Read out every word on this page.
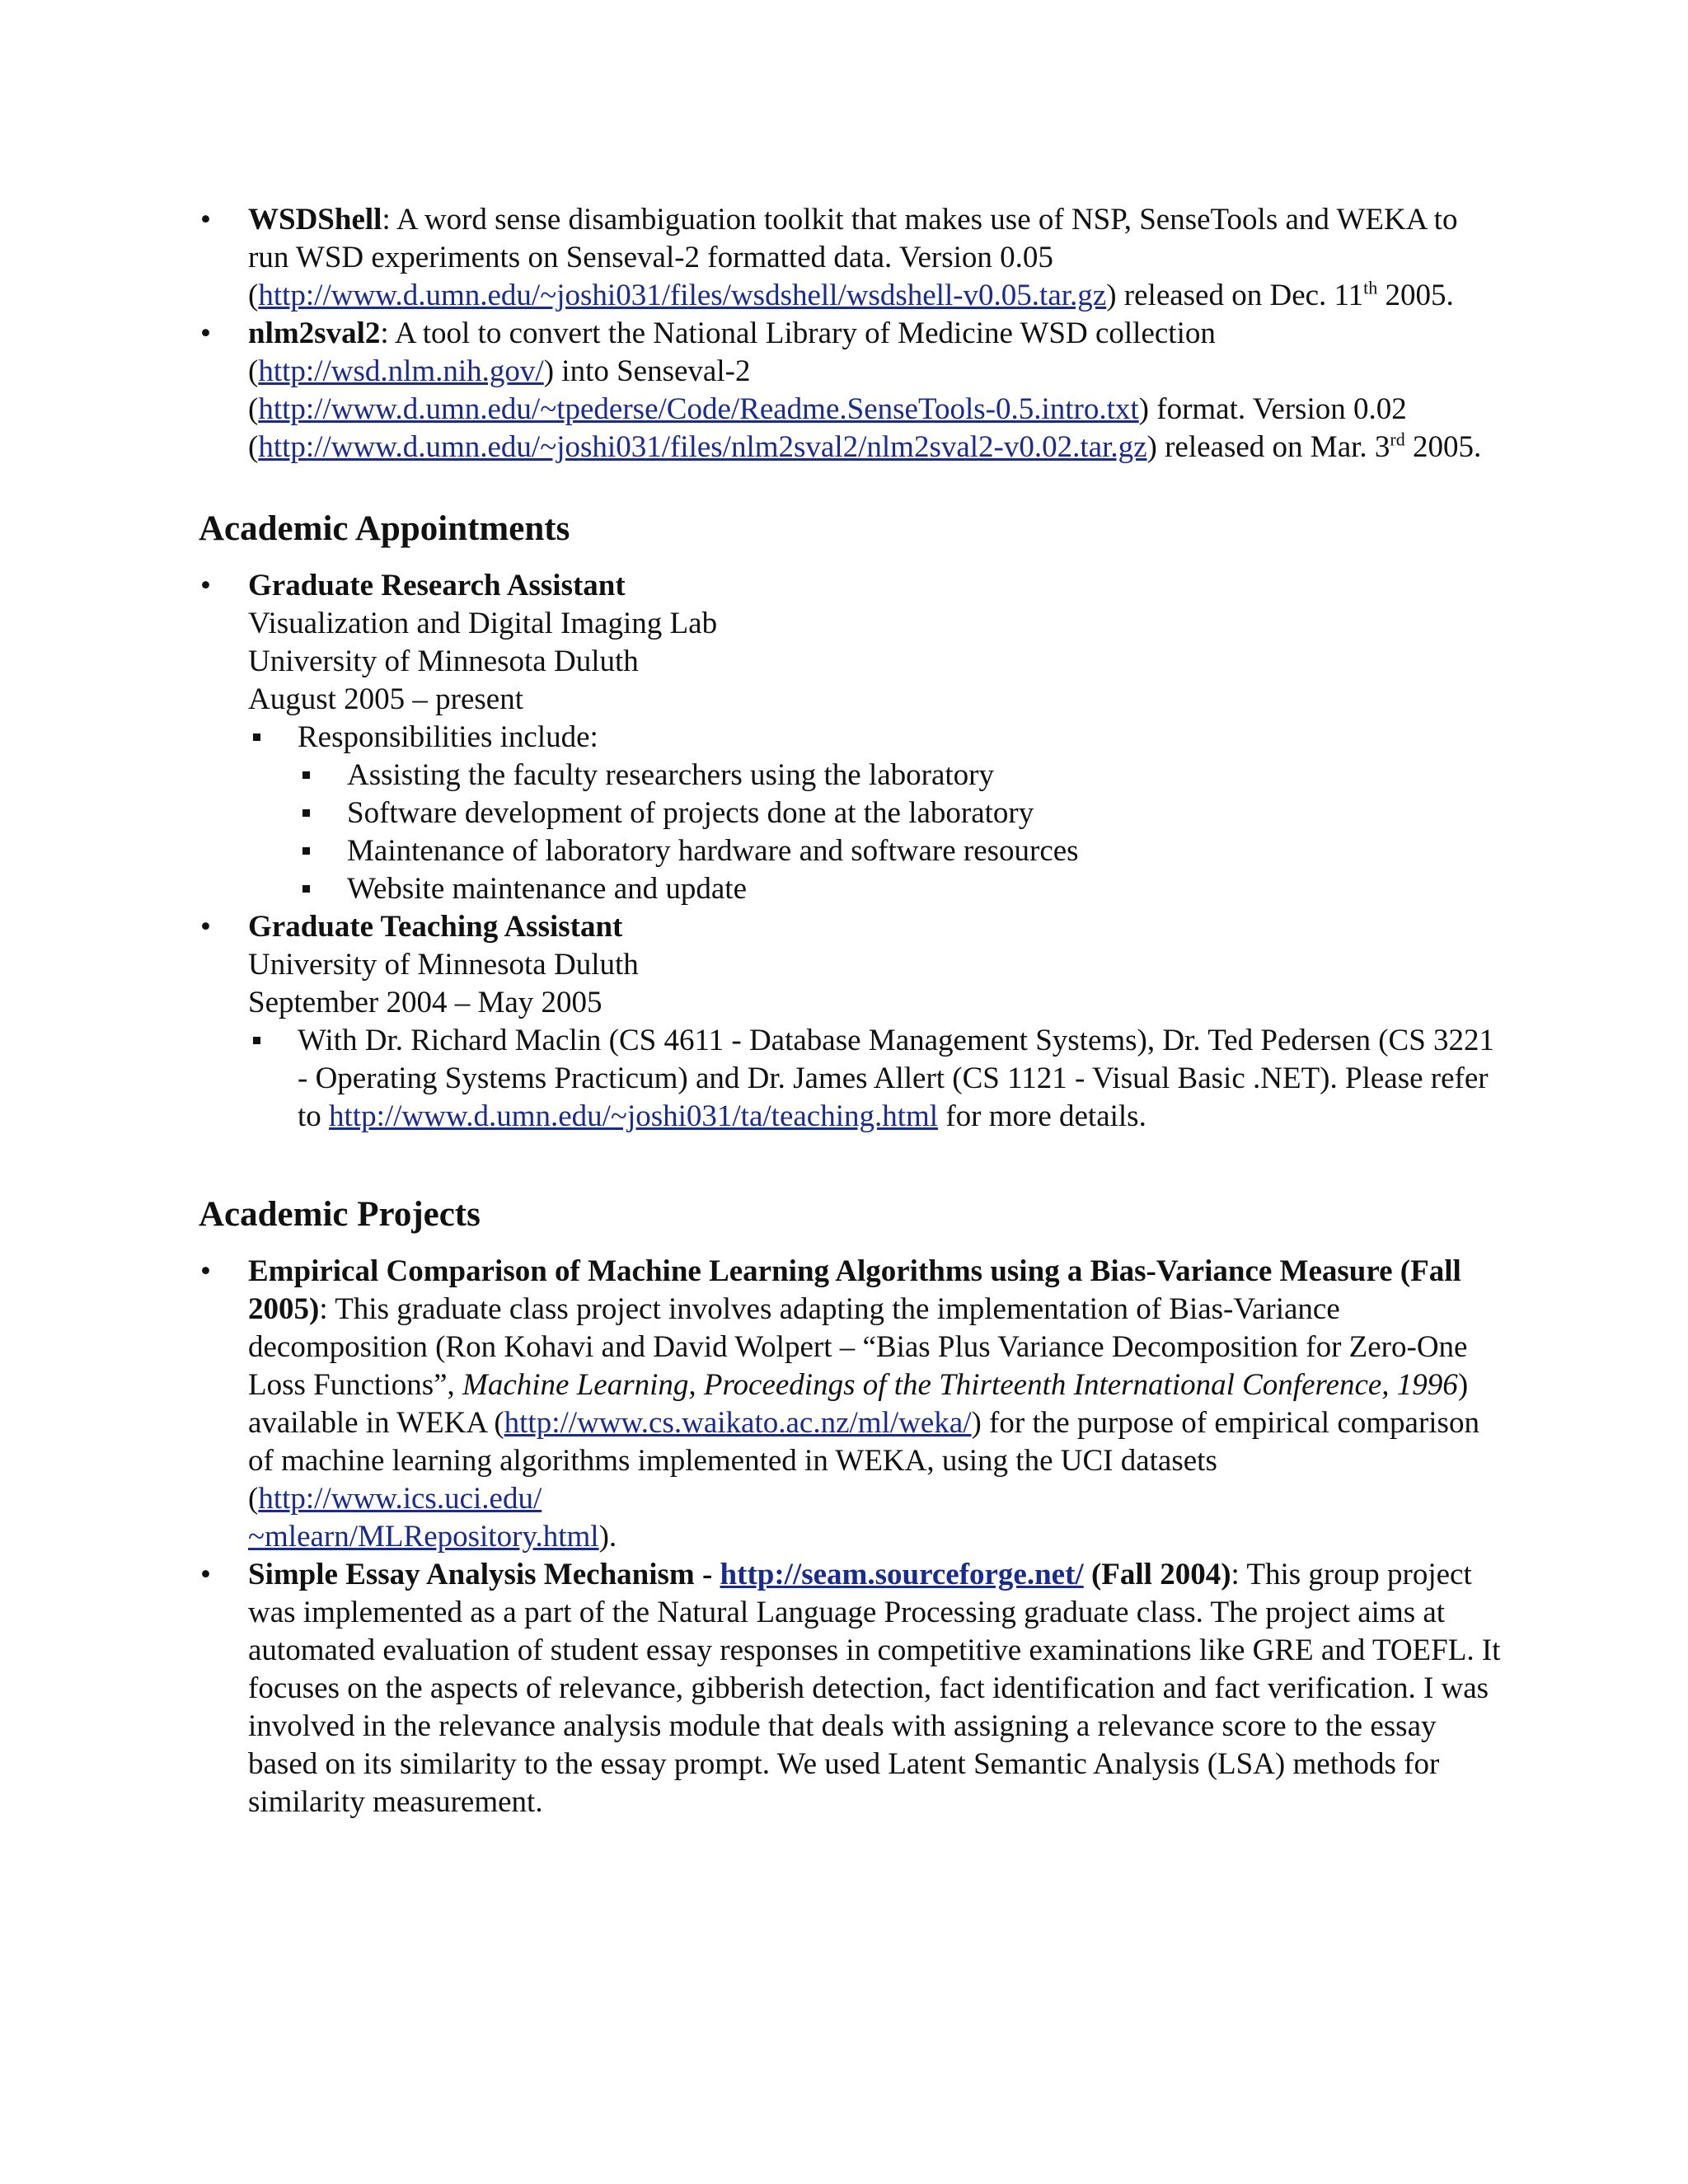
WSDShell: A word sense disambiguation toolkit that makes use of NSP, SenseTools and WEKA to run WSD experiments on Senseval-2 formatted data. Version 0.05 (http://www.d.umn.edu/~joshi031/files/wsdshell/wsdshell-v0.05.tar.gz) released on Dec. 11th 2005.
nlm2sval2: A tool to convert the National Library of Medicine WSD collection (http://wsd.nlm.nih.gov/) into Senseval-2 (http://www.d.umn.edu/~tpederse/Code/Readme.SenseTools-0.5.intro.txt) format. Version 0.02 (http://www.d.umn.edu/~joshi031/files/nlm2sval2/nlm2sval2-v0.02.tar.gz) released on Mar. 3rd 2005.
Academic Appointments
Graduate Research Assistant
Visualization and Digital Imaging Lab
University of Minnesota Duluth
August 2005 – present
Responsibilities include:
Assisting the faculty researchers using the laboratory
Software development of projects done at the laboratory
Maintenance of laboratory hardware and software resources
Website maintenance and update
Graduate Teaching Assistant
University of Minnesota Duluth
September 2004 – May 2005
With Dr. Richard Maclin (CS 4611 - Database Management Systems), Dr. Ted Pedersen (CS 3221 - Operating Systems Practicum) and Dr. James Allert (CS 1121 - Visual Basic .NET). Please refer to http://www.d.umn.edu/~joshi031/ta/teaching.html for more details.
Academic Projects
Empirical Comparison of Machine Learning Algorithms using a Bias-Variance Measure (Fall 2005): This graduate class project involves adapting the implementation of Bias-Variance decomposition (Ron Kohavi and David Wolpert – “Bias Plus Variance Decomposition for Zero-One Loss Functions”, Machine Learning, Proceedings of the Thirteenth International Conference, 1996) available in WEKA (http://www.cs.waikato.ac.nz/ml/weka/) for the purpose of empirical comparison of machine learning algorithms implemented in WEKA, using the UCI datasets (http://www.ics.uci.edu/
~mlearn/MLRepository.html).
Simple Essay Analysis Mechanism - http://seam.sourceforge.net/ (Fall 2004): This group project was implemented as a part of the Natural Language Processing graduate class. The project aims at automated evaluation of student essay responses in competitive examinations like GRE and TOEFL. It focuses on the aspects of relevance, gibberish detection, fact identification and fact verification. I was involved in the relevance analysis module that deals with assigning a relevance score to the essay based on its similarity to the essay prompt. We used Latent Semantic Analysis (LSA) methods for similarity measurement.
